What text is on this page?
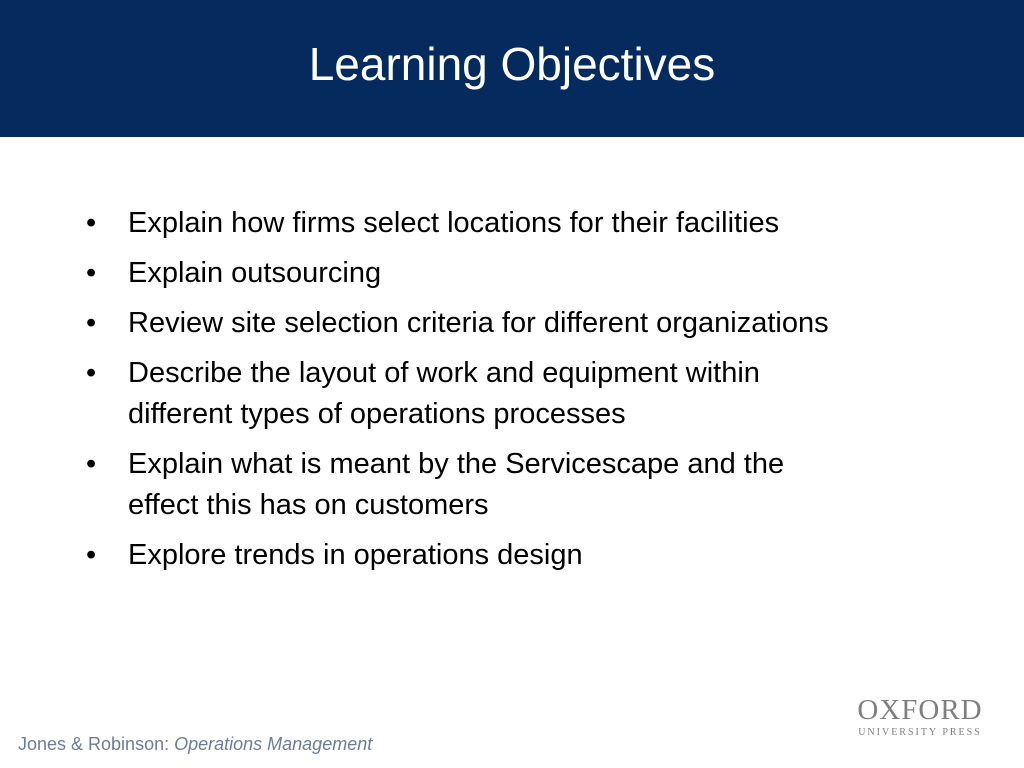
Learning Objectives
•	Explain how firms select locations for their facilities
•	Explain outsourcing
•	Review site selection criteria for different organizations
•	Describe the layout of work and equipment within
different types of operations processes
•	Explain what is meant by the Servicescape and the
effect this has on customers
•	Explore trends in operations design
Jones & Robinson: Operations Management
OXFORD
UNIVERSITY PRESS
